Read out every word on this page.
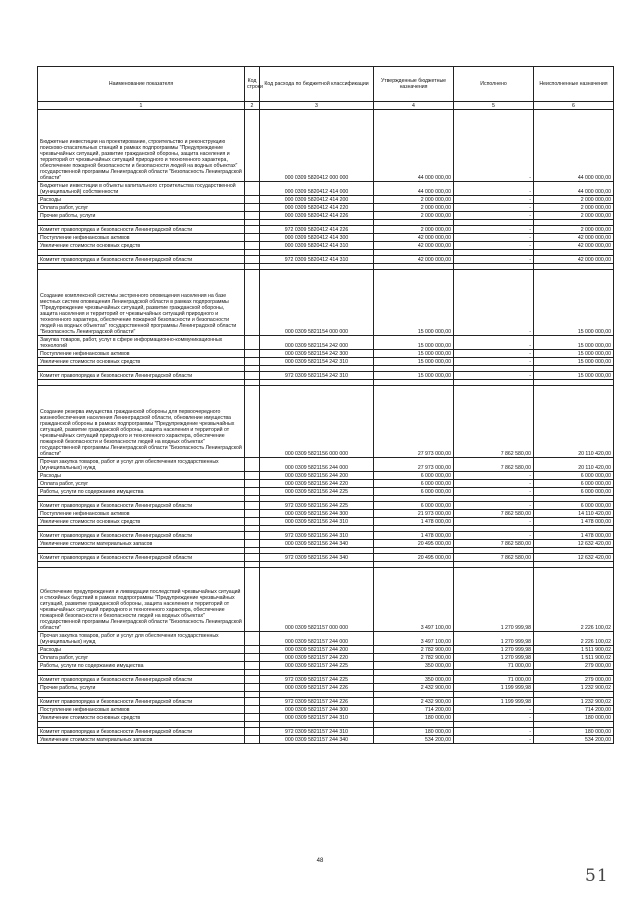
Наименование показателя	Код строки	Код расхода по бюджетной классификации	Утвержденные бюджетные назначения	Исполнено	Неисполненные назначения
1	2	3	4	5	6
Бюджетные инвестиции на проектирование, строительство и реконструкцию поисково-спасательных станций в рамках подпрограммы "Предупреждение чрезвычайных ситуаций, развитие гражданской обороны, защита населения и территорий от чрезвычайных ситуаций природного и техногенного характера, обеспечение пожарной безопасности и безопасности людей на водных объектах" государственной программы Ленинградской области "Безопасность Ленинградской области"		000 0309 5820412 000 000	44 000 000,00	-	44 000 000,00
Бюджетные инвестиции в объекты капитального строительства государственной (муниципальной) собственности		000 0309 5820412 414 000	44 000 000,00	-	44 000 000,00
Расходы		000 0309 5820412 414 200	2 000 000,00	-	2 000 000,00
Оплата работ, услуг		000 0309 5820412 414 220	2 000 000,00	-	2 000 000,00
Прочие работы, услуги		000 0309 5820412 414 226	2 000 000,00	-	2 000 000,00

Комитет правопорядка и безопасности Ленинградской области		972 0309 5820412 414 226	2 000 000,00	-	2 000 000,00
Поступление нефинансовых активов		000 0309 5820412 414 300	42 000 000,00	-	42 000 000,00
Увеличение стоимости основных средств		000 0309 5820412 414 310	42 000 000,00	-	42 000 000,00

Комитет правопорядка и безопасности Ленинградской области		972 0309 5820412 414 310	42 000 000,00	-	42 000 000,00

Создание комплексной системы экстренного оповещения населения на базе местных систем оповещения Ленинградской области в рамках подпрограммы "Предупреждение чрезвычайных ситуаций, развитие гражданской обороны, защита населения и территорий от чрезвычайных ситуаций природного и техногенного характера, обеспечение пожарной безопасности и безопасности людей на водных объектах" государственной программы Ленинградской области "Безопасность Ленинградской области"		000 0309 5821154 000 000	15 000 000,00	-	15 000 000,00
Закупка товаров, работ, услуг в сфере информационно-коммуникационных технологий		000 0309 5821154 242 000	15 000 000,00	-	15 000 000,00
Поступление нефинансовых активов		000 0309 5821154 242 300	15 000 000,00	-	15 000 000,00
Увеличение стоимости основных средств		000 0309 5821154 242 310	15 000 000,00	-	15 000 000,00

Комитет правопорядка и безопасности Ленинградской области		972 0309 5821154 242 310	15 000 000,00	-	15 000 000,00

Создание резерва имущества гражданской обороны для первоочередного жизнеобеспечения населения Ленинградской области, обновление имущества гражданской обороны в рамках подпрограммы "Предупреждение чрезвычайных ситуаций, развитие гражданской обороны, защита населения и территорий от чрезвычайных ситуаций природного и техногенного характера, обеспечение пожарной безопасности и безопасности людей на водных объектах" государственной программы Ленинградской области "Безопасность Ленинградской области"		000 0309 5821156 000 000	27 973 000,00	7 862 580,00	20 110 420,00
Прочая закупка товаров, работ и услуг для обеспечения государственных (муниципальных) нужд		000 0309 5821156 244 000	27 973 000,00	7 862 580,00	20 110 420,00
Расходы		000 0309 5821156 244 200	6 000 000,00	-	6 000 000,00
Оплата работ, услуг		000 0309 5821156 244 220	6 000 000,00	-	6 000 000,00
Работы, услуги по содержанию имущества		000 0309 5821156 244 225	6 000 000,00	-	6 000 000,00

Комитет правопорядка и безопасности Ленинградской области		972 0309 5821156 244 225	6 000 000,00	-	6 000 000,00
Поступление нефинансовых активов		000 0309 5821156 244 300	21 973 000,00	7 862 580,00	14 110 420,00
Увеличение стоимости основных средств		000 0309 5821156 244 310	1 478 000,00	-	1 478 000,00

Комитет правопорядка и безопасности Ленинградской области		972 0309 5821156 244 310	1 478 000,00	-	1 478 000,00
Увеличение стоимости материальных запасов		000 0309 5821156 244 340	20 495 000,00	7 862 580,00	12 632 420,00

Комитет правопорядка и безопасности Ленинградской области		972 0309 5821156 244 340	20 495 000,00	7 862 580,00	12 632 420,00

Обеспечение предупреждения и ликвидации последствий чрезвычайных ситуаций и стихийных бедствий в рамках подпрограммы "Предупреждение чрезвычайных ситуаций, развитие гражданской обороны, защита населения и территорий от чрезвычайных ситуаций природного и техногенного характера, обеспечение пожарной безопасности и безопасности людей на водных объектах" государственной программы Ленинградской области "Безопасность Ленинградской области"		000 0309 5821157 000 000	3 497 100,00	1 270 999,98	2 226 100,02
Прочая закупка товаров, работ и услуг для обеспечения государственных (муниципальных) нужд		000 0309 5821157 244 000	3 497 100,00	1 270 999,98	2 226 100,02
Расходы		000 0309 5821157 244 200	2 782 900,00	1 270 999,98	1 511 900,02
Оплата работ, услуг		000 0309 5821157 244 220	2 782 900,00	1 270 999,98	1 511 900,02
Работы, услуги по содержанию имущества		000 0309 5821157 244 225	350 000,00	71 000,00	279 000,00

Комитет правопорядка и безопасности Ленинградской области		972 0309 5821157 244 225	350 000,00	71 000,00	279 000,00
Прочие работы, услуги		000 0309 5821157 244 226	2 432 900,00	1 199 999,98	1 232 900,02

Комитет правопорядка и безопасности Ленинградской области		972 0309 5821157 244 226	2 432 900,00	1 199 999,98	1 232 900,02
Поступление нефинансовых активов		000 0309 5821157 244 300	714 200,00	-	714 200,00
Увеличение стоимости основных средств		000 0309 5821157 244 310	180 000,00	-	180 000,00

Комитет правопорядка и безопасности Ленинградской области		972 0309 5821157 244 310	180 000,00	-	180 000,00
Увеличение стоимости материальных запасов		000 0309 5821157 244 340	534 200,00	-	534 200,00
48
51
